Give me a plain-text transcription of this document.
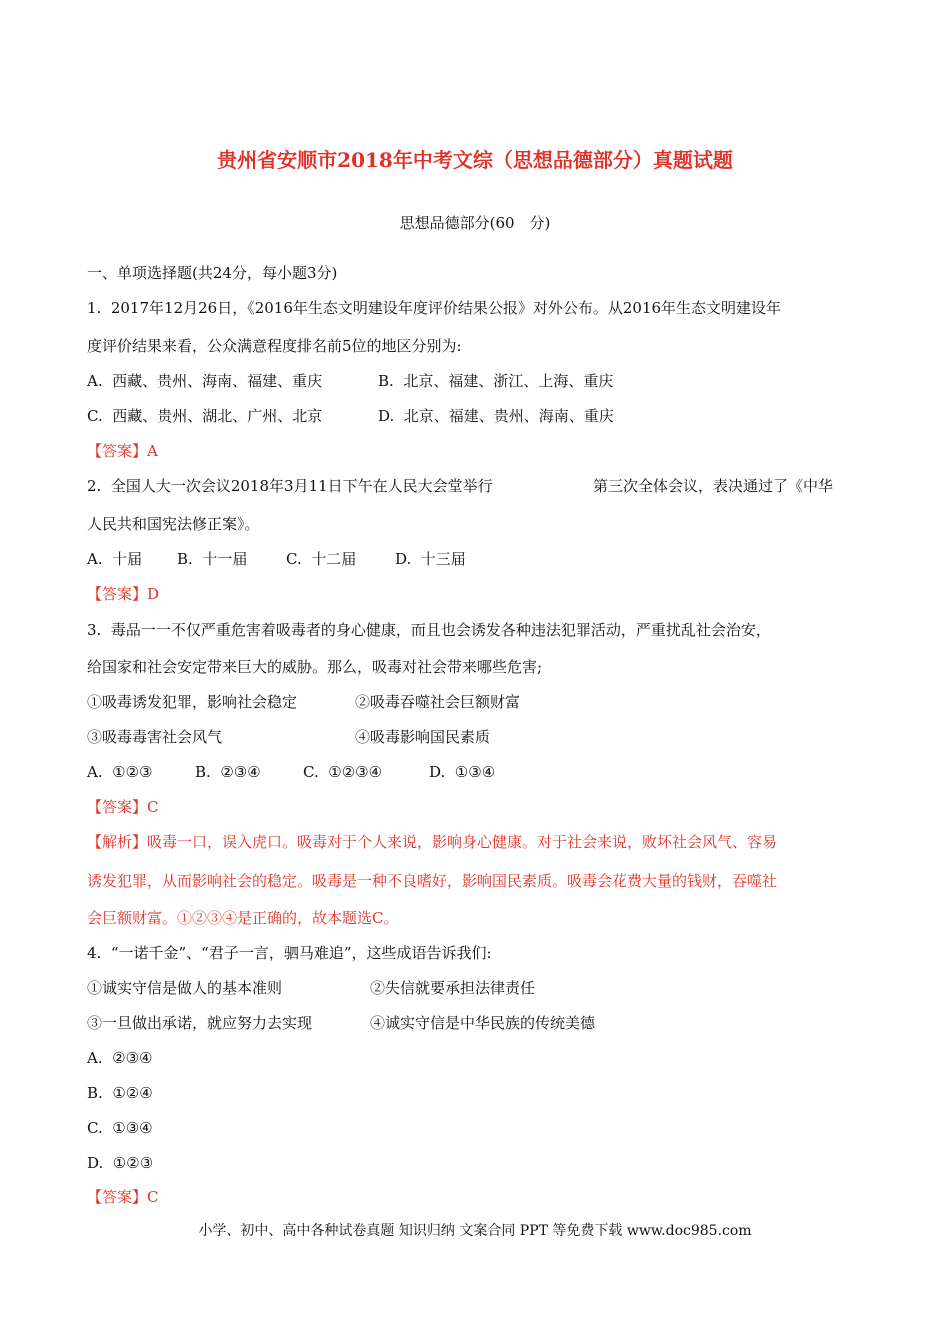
贵州省安顺市2018年中考文综（思想品德部分）真题试题
思想品德部分(60　分)
一、单项选择题(共24分，每小题3分)
1.  2017年12月26日，《2016年生态文明建设年度评价结果公报》对外公布。从2016年生态文明建设年
度评价结果来看，公众满意程度排名前5位的地区分别为:
A.  西藏、贵州、海南、福建、重庆	B.  北京、福建、浙江、上海、重庆
C.  西藏、贵州、湖北、广州、北京	D.  北京、福建、贵州、海南、重庆
【答案】A
2.  全国人大一次会议2018年3月11日下午在人民大会堂举行	第三次全体会议，表决通过了《中华
人民共和国宪法修正案》。
A.  十届 B.  十一届	C.  十二届	D.  十三届
【答案】D
3.  毒品一一不仅严重危害着吸毒者的身心健康，而且也会诱发各种违法犯罪活动，严重扰乱社会治安，
给国家和社会安定带来巨大的威胁。那么，吸毒对社会带来哪些危害;
①吸毒诱发犯罪，影响社会稳定	②吸毒吞噬社会巨额财富
③吸毒毒害社会风气	④吸毒影响国民素质
A.  ①②③	B.  ②③④	C.  ①②③④	D.  ①③④
【答案】C
【解析】吸毒一口，误入虎口。吸毒对于个人来说，影响身心健康。对于社会来说，败坏社会风气、容易
诱发犯罪，从而影响社会的稳定。吸毒是一种不良嗜好，影响国民素质。吸毒会花费大量的钱财，吞噬社
会巨额财富。①②③④是正确的，故本题选C。
4.  “一诺千金”、“君子一言，驷马难追”，这些成语告诉我们:
①诚实守信是做人的基本准则	②失信就要承担法律责任
③一旦做出承诺，就应努力去实现	④诚实守信是中华民族的传统美德
A.  ②③④
B.  ①②④
C.  ①③④
D.  ①②③
【答案】C
小学、初中、高中各种试卷真题 知识归纳 文案合同 PPT 等免费下载 www.doc985.com
